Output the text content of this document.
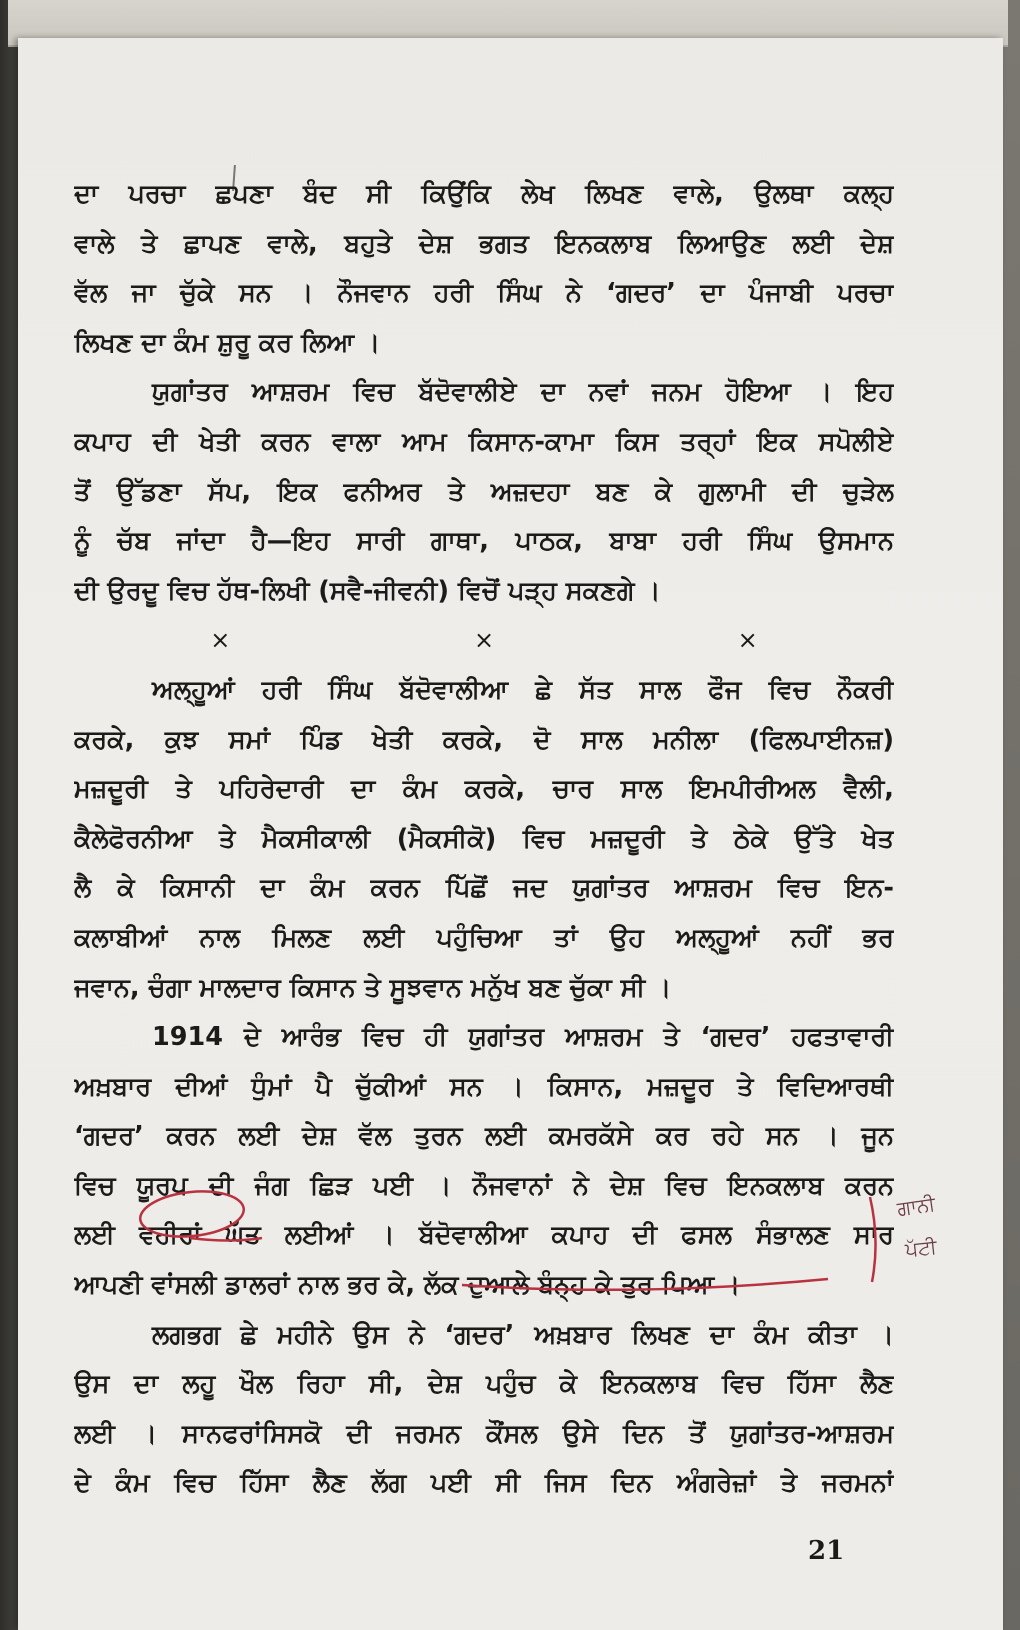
ਦਾ ਪਰਚਾ ਛਪਣਾ ਬੰਦ ਸੀ ਕਿਉਂਕਿ ਲੇਖ ਲਿਖਣ ਵਾਲੇ, ਉਲਥਾ ਕਲ੍ਹ
ਵਾਲੇ ਤੇ ਛਾਪਣ ਵਾਲੇ, ਬਹੁਤੇ ਦੇਸ਼ ਭਗਤ ਇਨਕਲਾਬ ਲਿਆਉਣ ਲਈ ਦੇਸ਼
ਵੱਲ ਜਾ ਚੁੱਕੇ ਸਨ । ਨੌਜਵਾਨ ਹਰੀ ਸਿੰਘ ਨੇ ‘ਗਦਰ’ ਦਾ ਪੰਜਾਬੀ ਪਰਚਾ
ਲਿਖਣ ਦਾ ਕੰਮ ਸ਼ੁਰੂ ਕਰ ਲਿਆ ।
ਯੁਗਾਂਤਰ ਆਸ਼ਰਮ ਵਿਚ ਬੱਦੋਵਾਲੀਏ ਦਾ ਨਵਾਂ ਜਨਮ ਹੋਇਆ । ਇਹ
ਕਪਾਹ ਦੀ ਖੇਤੀ ਕਰਨ ਵਾਲਾ ਆਮ ਕਿਸਾਨ-ਕਾਮਾ ਕਿਸ ਤਰ੍ਹਾਂ ਇਕ ਸਪੋਲੀਏ
ਤੋਂ ਉੱਡਣਾ ਸੱਪ, ਇਕ ਫਨੀਅਰ ਤੇ ਅਜ਼ਦਹਾ ਬਣ ਕੇ ਗੁਲਾਮੀ ਦੀ ਚੁੜੇਲ
ਨੂੰ ਚੱਬ ਜਾਂਦਾ ਹੈ—ਇਹ ਸਾਰੀ ਗਾਥਾ, ਪਾਠਕ, ਬਾਬਾ ਹਰੀ ਸਿੰਘ ਉਸਮਾਨ
ਦੀ ਉਰਦੂ ਵਿਚ ਹੱਥ-ਲਿਖੀ (ਸਵੈ-ਜੀਵਨੀ) ਵਿਚੋਂ ਪੜ੍ਹ ਸਕਣਗੇ ।
× × ×
ਅਲ੍ਹੂਆਂ ਹਰੀ ਸਿੰਘ ਬੱਦੋਵਾਲੀਆ ਛੇ ਸੱਤ ਸਾਲ ਫੌਜ ਵਿਚ ਨੌਕਰੀ
ਕਰਕੇ, ਕੁਝ ਸਮਾਂ ਪਿੰਡ ਖੇਤੀ ਕਰਕੇ, ਦੋ ਸਾਲ ਮਨੀਲਾ (ਫਿਲਪਾਈਨਜ਼)
ਮਜ਼ਦੂਰੀ ਤੇ ਪਹਿਰੇਦਾਰੀ ਦਾ ਕੰਮ ਕਰਕੇ, ਚਾਰ ਸਾਲ ਇਮਪੀਰੀਅਲ ਵੈਲੀ,
ਕੈਲੇਫੋਰਨੀਆ ਤੇ ਮੈਕਸੀਕਾਲੀ (ਮੈਕਸੀਕੋ) ਵਿਚ ਮਜ਼ਦੂਰੀ ਤੇ ਠੇਕੇ ਉੱਤੇ ਖੇਤ
ਲੈ ਕੇ ਕਿਸਾਨੀ ਦਾ ਕੰਮ ਕਰਨ ਪਿੱਛੋਂ ਜਦ ਯੁਗਾਂਤਰ ਆਸ਼ਰਮ ਵਿਚ ਇਨ-
ਕਲਾਬੀਆਂ ਨਾਲ ਮਿਲਣ ਲਈ ਪਹੁੰਚਿਆ ਤਾਂ ਉਹ ਅਲ੍ਹੂਆਂ ਨਹੀਂ ਭਰ
ਜਵਾਨ, ਚੰਗਾ ਮਾਲਦਾਰ ਕਿਸਾਨ ਤੇ ਸੂਝਵਾਨ ਮਨੁੱਖ ਬਣ ਚੁੱਕਾ ਸੀ ।
1914 ਦੇ ਆਰੰਭ ਵਿਚ ਹੀ ਯੁਗਾਂਤਰ ਆਸ਼ਰਮ ਤੇ ‘ਗਦਰ’ ਹਫਤਾਵਾਰੀ
ਅਖ਼ਬਾਰ ਦੀਆਂ ਧੁੰਮਾਂ ਪੈ ਚੁੱਕੀਆਂ ਸਨ । ਕਿਸਾਨ, ਮਜ਼ਦੂਰ ਤੇ ਵਿਦਿਆਰਥੀ
‘ਗਦਰ’ ਕਰਨ ਲਈ ਦੇਸ਼ ਵੱਲ ਤੁਰਨ ਲਈ ਕਮਰਕੱਸੇ ਕਰ ਰਹੇ ਸਨ । ਜੂਨ
ਵਿਚ ਯੂਰਪ ਦੀ ਜੰਗ ਛਿੜ ਪਈ । ਨੌਜਵਾਨਾਂ ਨੇ ਦੇਸ਼ ਵਿਚ ਇਨਕਲਾਬ ਕਰਨ
ਲਈ ਵਹੀਰਾਂ ਘੱਤ ਲਈਆਂ । ਬੱਦੋਵਾਲੀਆ ਕਪਾਹ ਦੀ ਫਸਲ ਸੰਭਾਲਣ ਸਾਰ
ਆਪਣੀ ਵਾਂਸਲੀ ਡਾਲਰਾਂ ਨਾਲ ਭਰ ਕੇ, ਲੱਕ ਦੁਆਲੇ ਬੰਨ੍ਹ ਕੇ ਤੁਰ ਪਿਆ ।
ਲਗਭਗ ਛੇ ਮਹੀਨੇ ਉਸ ਨੇ ‘ਗਦਰ’ ਅਖ਼ਬਾਰ ਲਿਖਣ ਦਾ ਕੰਮ ਕੀਤਾ ।
ਉਸ ਦਾ ਲਹੂ ਖੌਲ ਰਿਹਾ ਸੀ, ਦੇਸ਼ ਪਹੁੰਚ ਕੇ ਇਨਕਲਾਬ ਵਿਚ ਹਿੱਸਾ ਲੈਣ
ਲਈ । ਸਾਨਫਰਾਂਸਿਸਕੋ ਦੀ ਜਰਮਨ ਕੌਂਸਲ ਉਸੇ ਦਿਨ ਤੋਂ ਯੁਗਾਂਤਰ-ਆਸ਼ਰਮ
ਦੇ ਕੰਮ ਵਿਚ ਹਿੱਸਾ ਲੈਣ ਲੱਗ ਪਈ ਸੀ ਜਿਸ ਦਿਨ ਅੰਗਰੇਜ਼ਾਂ ਤੇ ਜਰਮਨਾਂ
21
ਗਾਨੀ
ਪੱਟੀ
